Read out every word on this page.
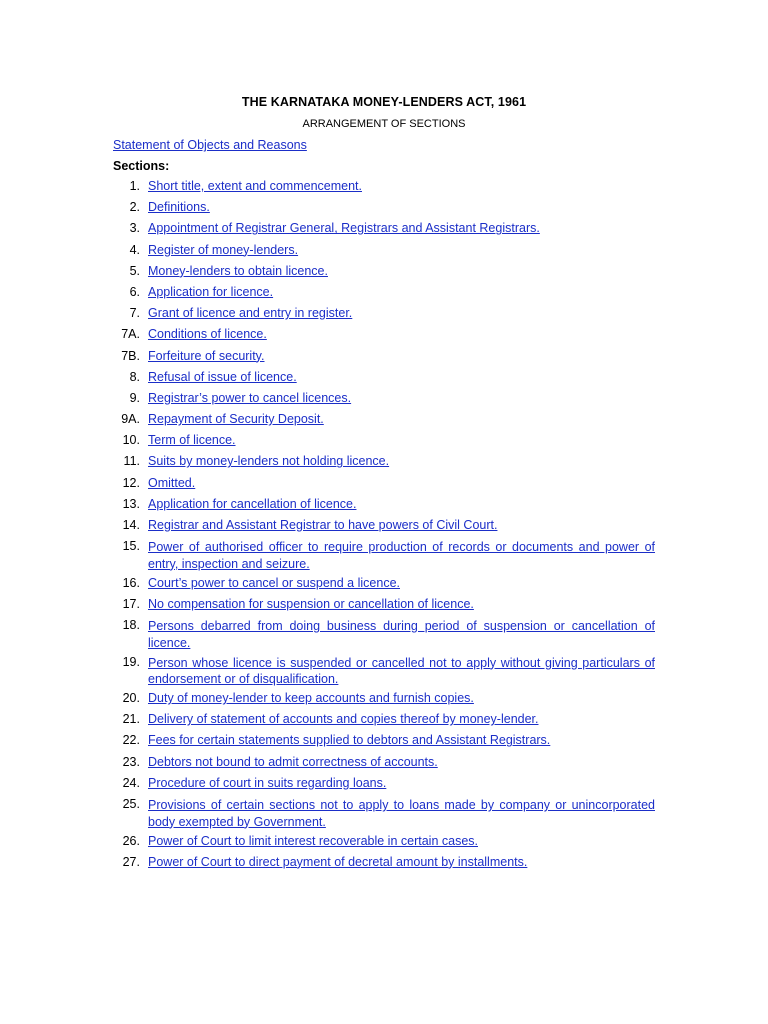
THE KARNATAKA MONEY-LENDERS ACT, 1961
ARRANGEMENT OF SECTIONS
Statement of Objects and Reasons
Sections:
1. Short title, extent and commencement.
2. Definitions.
3. Appointment of Registrar General, Registrars and Assistant Registrars.
4. Register of money-lenders.
5. Money-lenders to obtain licence.
6. Application for licence.
7. Grant of licence and entry in register.
7A. Conditions of licence.
7B. Forfeiture of security.
8. Refusal of issue of licence.
9. Registrar’s power to cancel licences.
9A. Repayment of Security Deposit.
10. Term of licence.
11. Suits by money-lenders not holding licence.
12. Omitted.
13. Application for cancellation of licence.
14. Registrar and Assistant Registrar to have powers of Civil Court.
15. Power of authorised officer to require production of records or documents and power of entry, inspection and seizure.
16. Court’s power to cancel or suspend a licence.
17. No compensation for suspension or cancellation of licence.
18. Persons debarred from doing business during period of suspension or cancellation of licence.
19. Person whose licence is suspended or cancelled not to apply without giving particulars of endorsement or of disqualification.
20. Duty of money-lender to keep accounts and furnish copies.
21. Delivery of statement of accounts and copies thereof by money-lender.
22. Fees for certain statements supplied to debtors and Assistant Registrars.
23. Debtors not bound to admit correctness of accounts.
24. Procedure of court in suits regarding loans.
25. Provisions of certain sections not to apply to loans made by company or unincorporated body exempted by Government.
26. Power of Court to limit interest recoverable in certain cases.
27. Power of Court to direct payment of decretal amount by installments.
